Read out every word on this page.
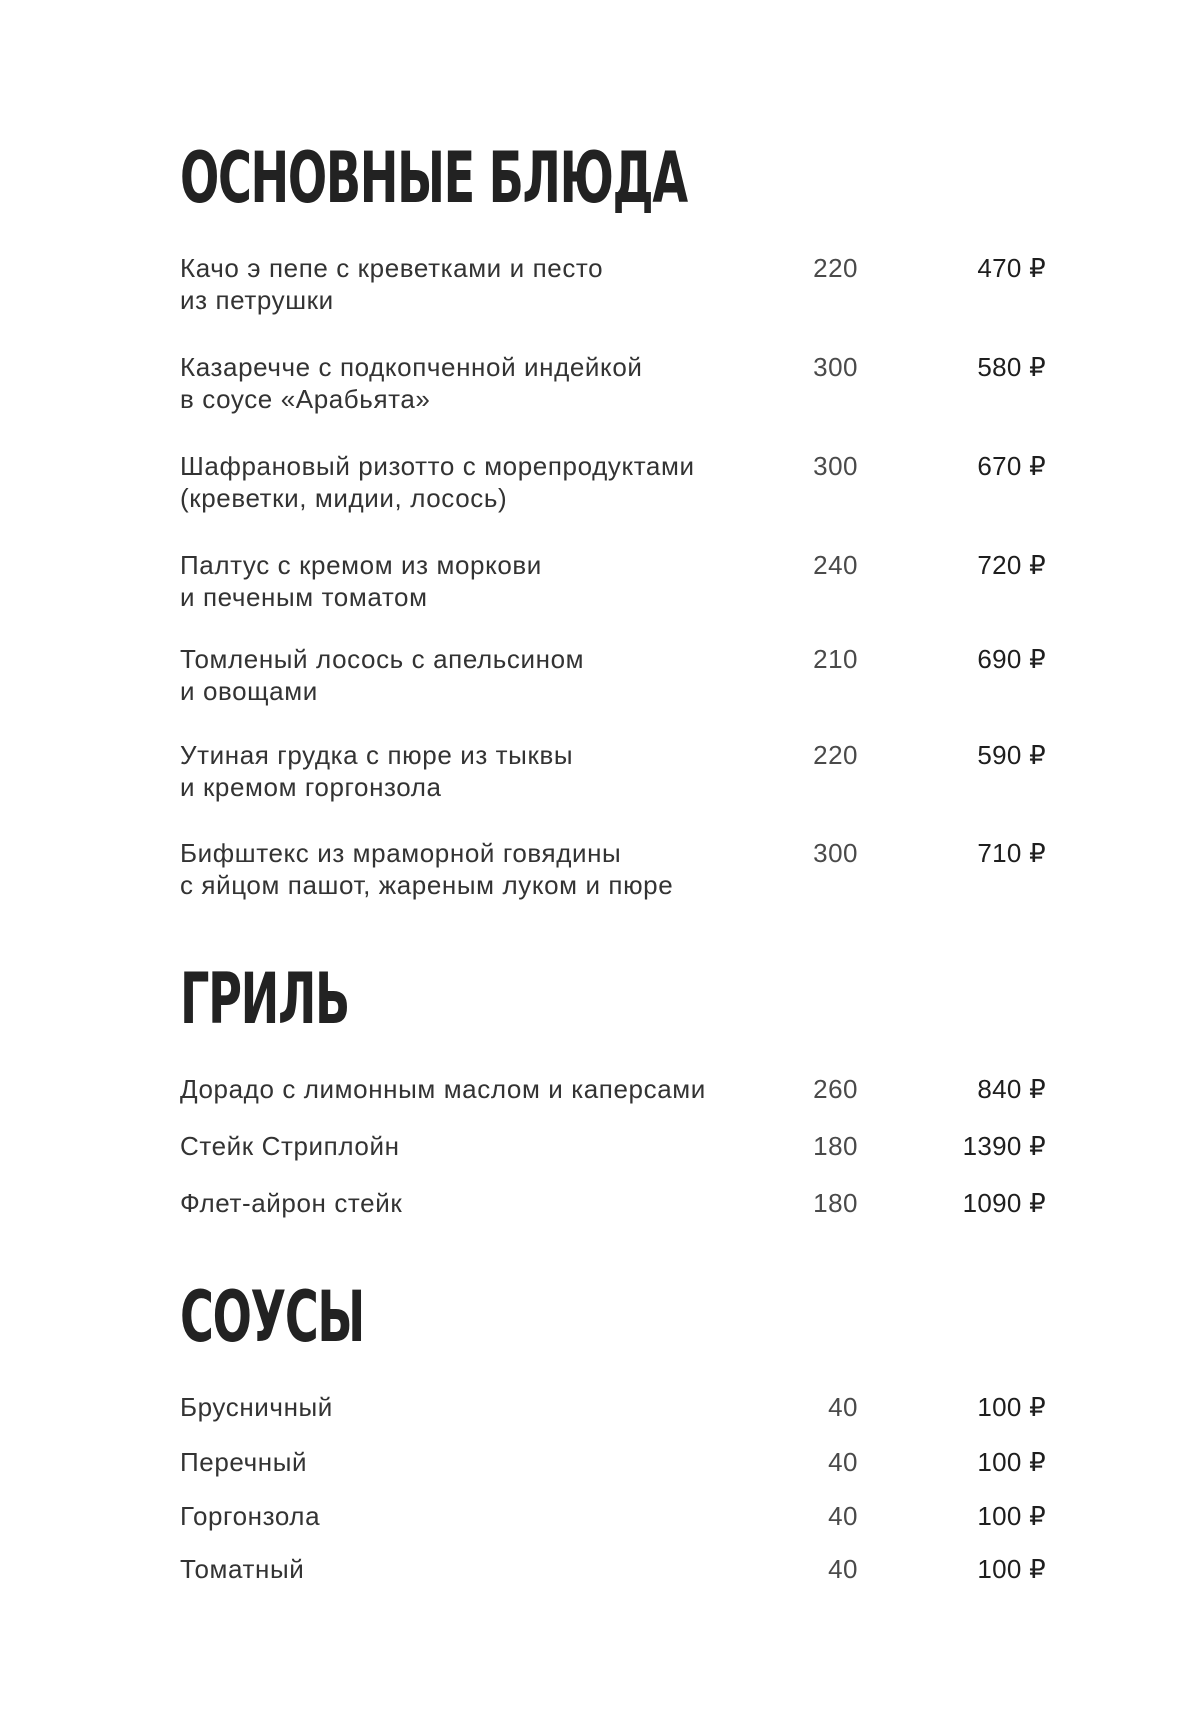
ОСНОВНЫЕ БЛЮДА
Качо э пепе с креветками и песто
из петрушки
220	470 ₽
Казаречче с подкопченной индейкой
в соусе «Арабьята»
300	580 ₽
Шафрановый ризотто с морепродуктами
(креветки, мидии, лосось)
300	670 ₽
Палтус с кремом из моркови
и печеным томатом
240	720 ₽
Томленый лосось с апельсином
и овощами
210	690 ₽
Утиная грудка с пюре из тыквы
и кремом горгонзола
220	590 ₽
Бифштекс из мраморной говядины
с яйцом пашот, жареным луком и пюре
300	710 ₽
ГРИЛЬ
Дорадо с лимонным маслом и каперсами	260	840 ₽
Стейк Стриплойн	180	1390 ₽
Флет-айрон стейк	180	1090 ₽
СОУСЫ
Брусничный	40	100 ₽
Перечный	40	100 ₽
Горгонзола	40	100 ₽
Томатный	40	100 ₽
